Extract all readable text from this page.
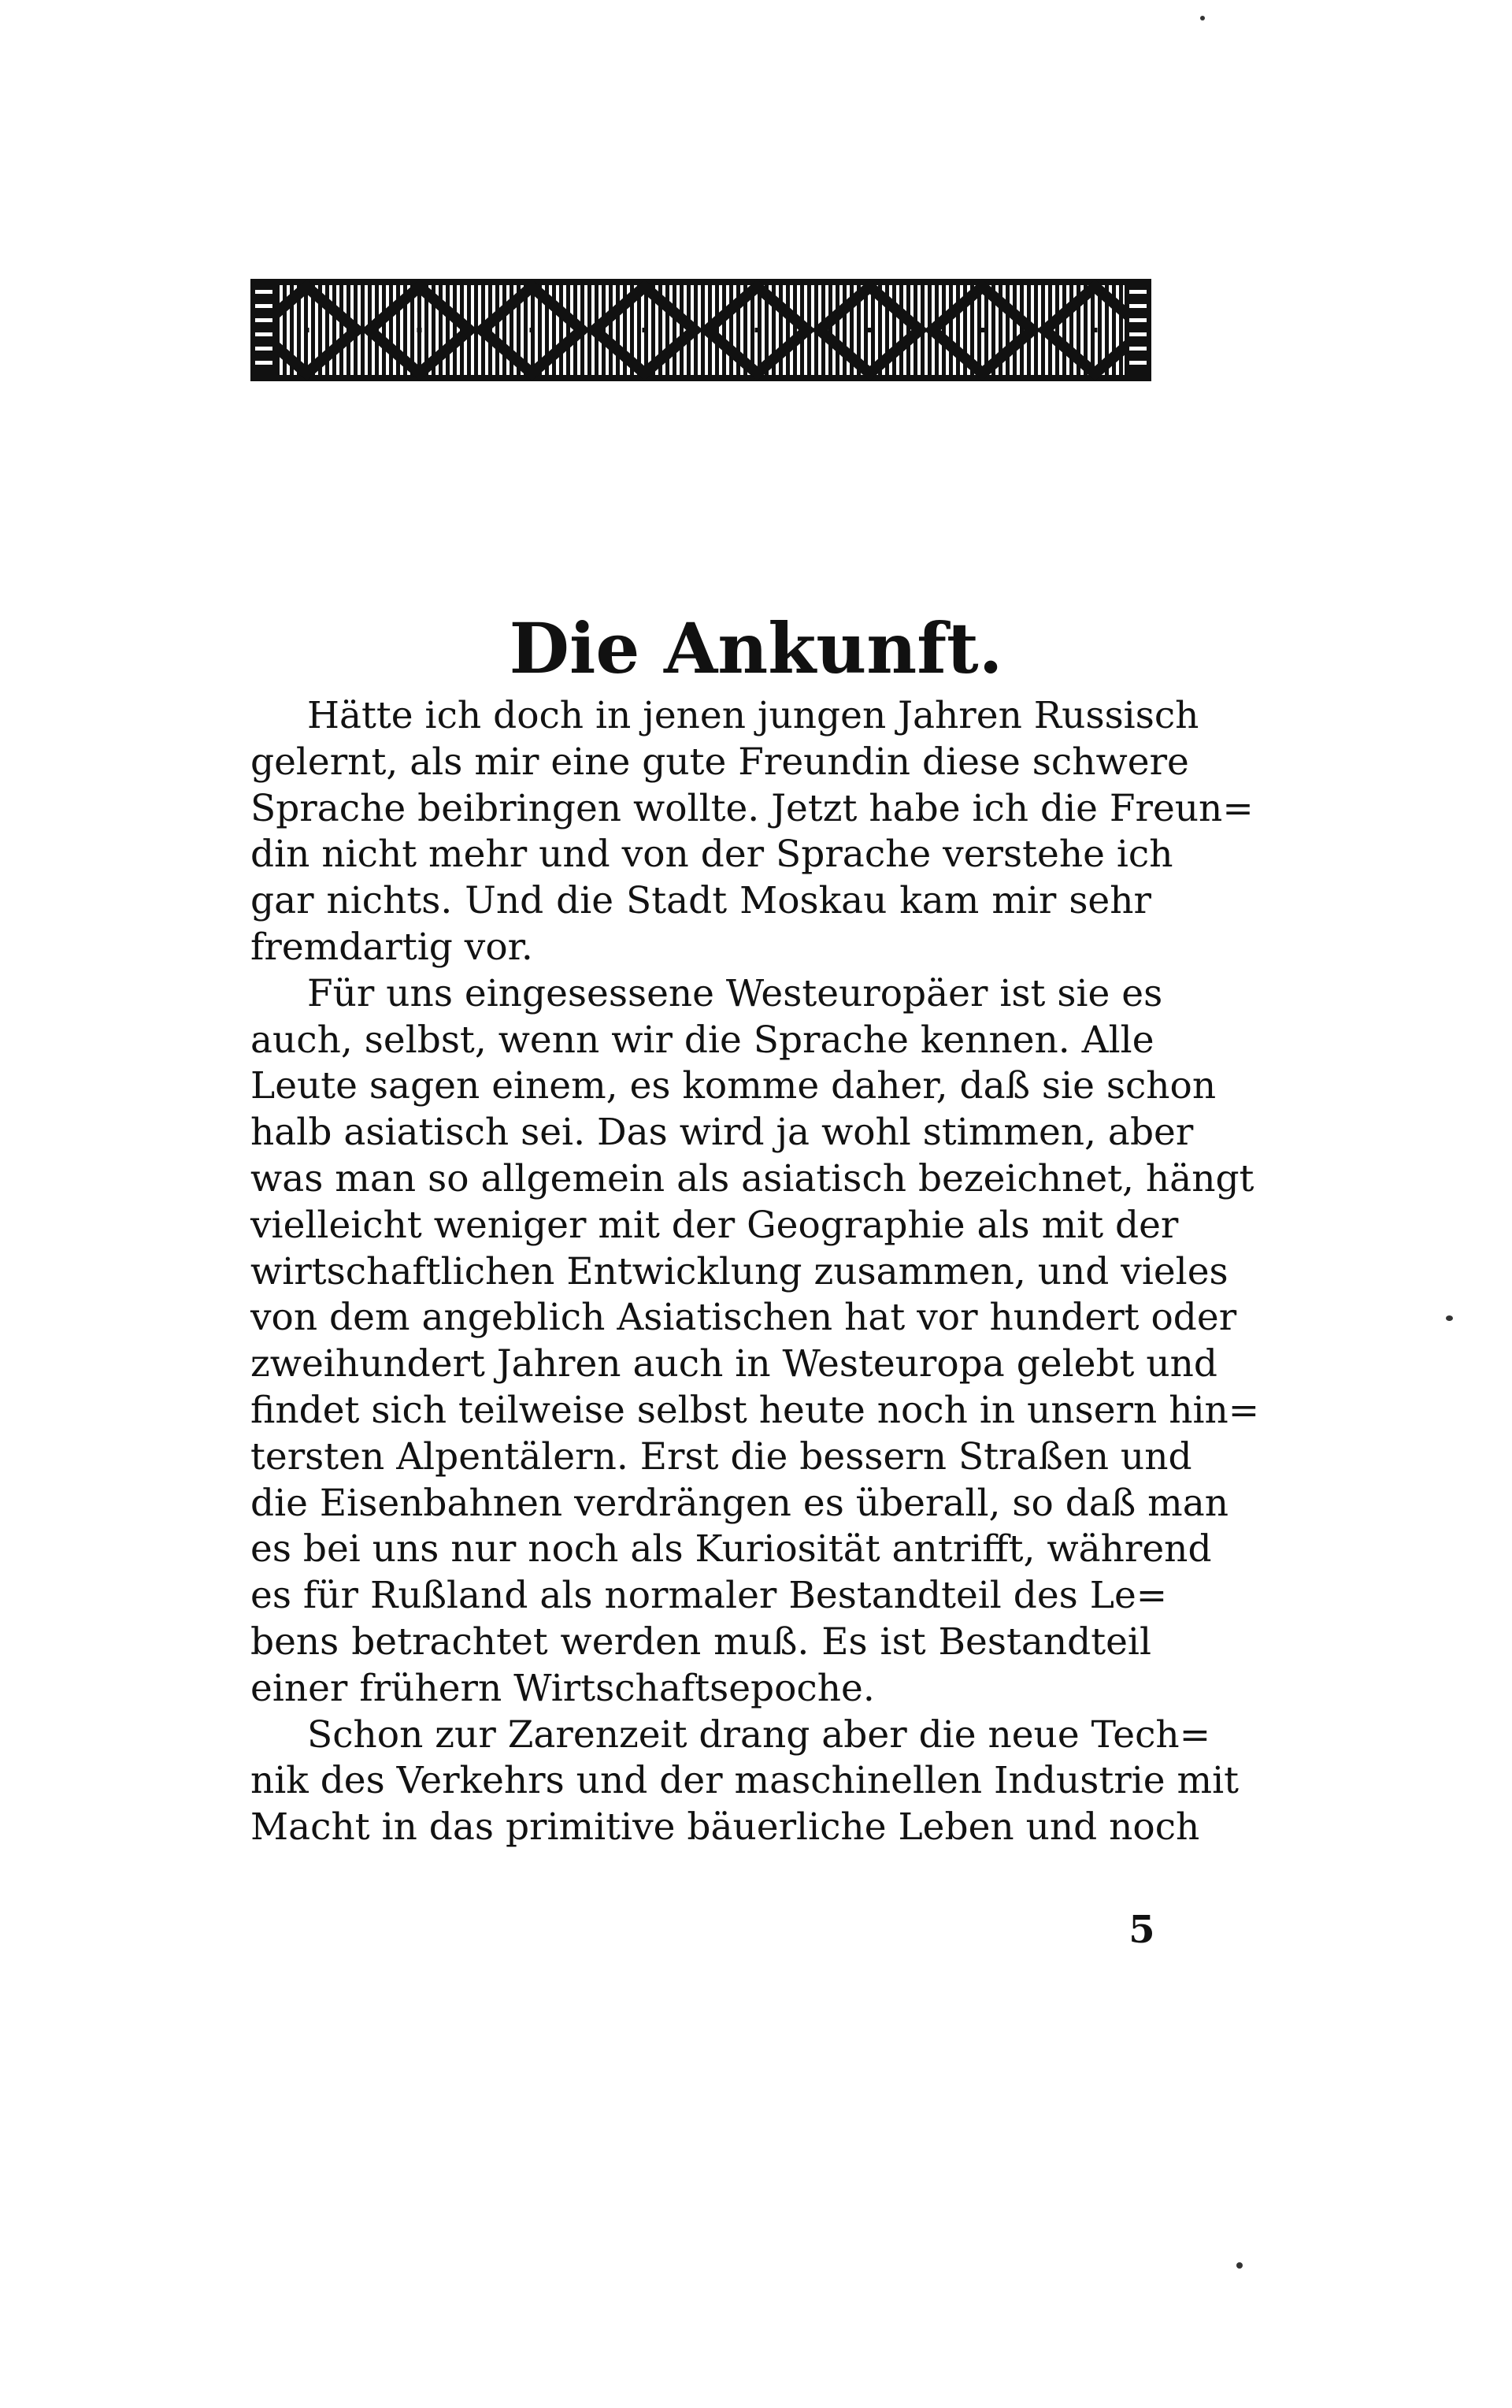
Die Ankunft.
Hätte ich doch in jenen jungen Jahren Russisch
gelernt, als mir eine gute Freundin diese schwere
Sprache beibringen wollte. Jetzt habe ich die Freun=
din nicht mehr und von der Sprache verstehe ich
gar nichts. Und die Stadt Moskau kam mir sehr
fremdartig vor.
Für uns eingesessene Westeuropäer ist sie es
auch, selbst, wenn wir die Sprache kennen. Alle
Leute sagen einem, es komme daher, daß sie schon
halb asiatisch sei. Das wird ja wohl stimmen, aber
was man so allgemein als asiatisch bezeichnet, hängt
vielleicht weniger mit der Geographie als mit der
wirtschaftlichen Entwicklung zusammen, und vieles
von dem angeblich Asiatischen hat vor hundert oder
zweihundert Jahren auch in Westeuropa gelebt und
findet sich teilweise selbst heute noch in unsern hin=
tersten Alpentälern. Erst die bessern Straßen und
die Eisenbahnen verdrängen es überall, so daß man
es bei uns nur noch als Kuriosität antrifft, während
es für Rußland als normaler Bestandteil des Le=
bens betrachtet werden muß. Es ist Bestandteil
einer frühern Wirtschaftsepoche.
Schon zur Zarenzeit drang aber die neue Tech=
nik des Verkehrs und der maschinellen Industrie mit
Macht in das primitive bäuerliche Leben und noch
5
